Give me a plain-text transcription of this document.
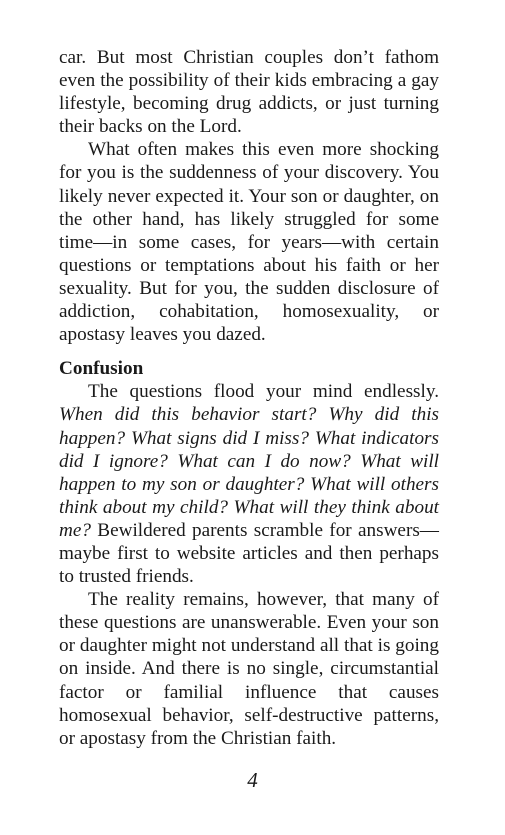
car. But most Christian couples don’t fathom even the possibility of their kids embracing a gay lifestyle, becoming drug addicts, or just turning their backs on the Lord.

What often makes this even more shocking for you is the suddenness of your discovery. You likely never expected it. Your son or daughter, on the other hand, has likely struggled for some time—in some cases, for years—with certain questions or temptations about his faith or her sexuality. But for you, the sudden disclosure of addiction, cohabitation, homosexuality, or apostasy leaves you dazed.

Confusion

The questions flood your mind endlessly. When did this behavior start? Why did this happen? What signs did I miss? What indicators did I ignore? What can I do now? What will happen to my son or daughter? What will others think about my child? What will they think about me? Bewildered parents scramble for answers—maybe first to website articles and then perhaps to trusted friends.

The reality remains, however, that many of these questions are unanswerable. Even your son or daughter might not understand all that is going on inside. And there is no single, circumstantial factor or familial influence that causes homosexual behavior, self-destructive patterns, or apostasy from the Christian faith.

4
